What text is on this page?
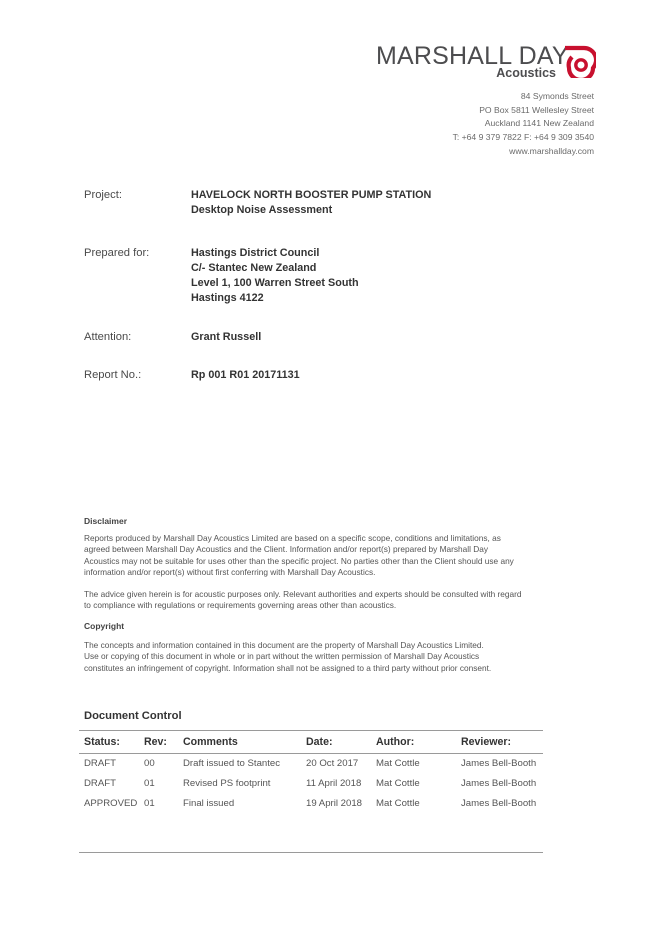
MARSHALL DAY
Acoustics
84 Symonds Street
PO Box 5811 Wellesley Street
Auckland 1141 New Zealand
T: +64 9 379 7822 F: +64 9 309 3540
www.marshallday.com
Project:	HAVELOCK NORTH BOOSTER PUMP STATION
Desktop Noise Assessment
Prepared for:	Hastings District Council
C/- Stantec New Zealand
Level 1, 100 Warren Street South
Hastings 4122
Attention:	Grant Russell
Report No.:	Rp 001 R01 20171131
Disclaimer
Reports produced by Marshall Day Acoustics Limited are based on a specific scope, conditions and limitations, as
agreed between Marshall Day Acoustics and the Client. Information and/or report(s) prepared by Marshall Day
Acoustics may not be suitable for uses other than the specific project. No parties other than the Client should use any
information and/or report(s) without first conferring with Marshall Day Acoustics.
The advice given herein is for acoustic purposes only. Relevant authorities and experts should be consulted with regard
to compliance with regulations or requirements governing areas other than acoustics.
Copyright
The concepts and information contained in this document are the property of Marshall Day Acoustics Limited.
Use or copying of this document in whole or in part without the written permission of Marshall Day Acoustics
constitutes an infringement of copyright. Information shall not be assigned to a third party without prior consent.
Document Control
Status: Rev: Comments	Date:	Author:	Reviewer:
DRAFT	00	Draft issued to Stantec	20 Oct 2017 Mat Cottle	James Bell-Booth
DRAFT	01	Revised PS footprint	11 April 2018 Mat Cottle	James Bell-Booth
APPROVED 01	Final issued	19 April 2018 Mat Cottle	James Bell-Booth
